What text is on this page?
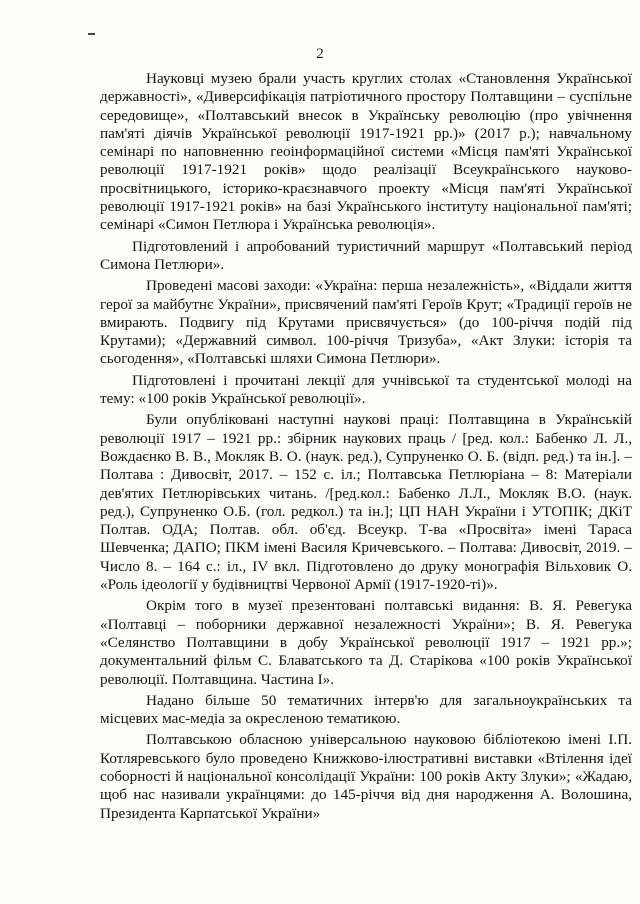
2

Науковці музею брали участь круглих столах «Становлення Української державності», «Диверсифікація патріотичного простору Полтавщини – суспільне середовище», «Полтавський внесок в Українську революцію (про увічнення пам'яті діячів Української революції 1917-1921 рр.)» (2017 р.); навчальному семінарі по наповненню геоінформаційної системи «Місця пам'яті Української революції 1917-1921 років» щодо реалізації Всеукраїнського науково-просвітницького, історико-краєзнавчого проекту «Місця пам'яті Української революції 1917-1921 років» на базі Українського інституту національної пам'яті; семінарі «Симон Петлюра і Українська революція».

Підготовлений і апробований туристичний маршрут «Полтавський період Симона Петлюри».

Проведені масові заходи: «Україна: перша незалежність», «Віддали життя герої за майбутнє України», присвячений пам'яті Героїв Крут; «Традиції героїв не вмирають. Подвигу під Крутами присвячується» (до 100-річчя подій під Крутами); «Державний символ. 100-річчя Тризуба», «Акт Злуки: історія та сьогодення», «Полтавські шляхи Симона Петлюри».

Підготовлені і прочитані лекції для учнівської та студентської молоді на тему: «100 років Української революції».

Були опубліковані наступні наукові праці: Полтавщина в Українській революції 1917 – 1921 рр.: збірник наукових праць / [ред. кол.: Бабенко Л. Л., Вождаєнко В. В., Мокляк В. О. (наук. ред.), Супруненко О. Б. (відп. ред.) та ін.]. – Полтава : Дивосвіт, 2017. – 152 с. іл.; Полтавська Петлюріана – 8: Матеріали дев'ятих Петлюрівських читань. /[ред.кол.: Бабенко Л.Л., Мокляк В.О. (наук. ред.), Супруненко О.Б. (гол. редкол.) та ін.]; ЦП НАН України і УТОПІК; ДКіТ Полтав. ОДА; Полтав. обл. об'єд. Всеукр. Т-ва «Просвіта» імені Тараса Шевченка; ДАПО; ПКМ імені Василя Кричевського. – Полтава: Дивосвіт, 2019. – Число 8. – 164 с.: іл., IV вкл. Підготовлено до друку монографія Вільховик О. «Роль ідеології у будівництві Червоної Армії (1917-1920-ті)».

Окрім того в музеї презентовані полтавські видання: В. Я. Ревегука «Полтавці – поборники державної незалежності України»; В. Я. Ревегука «Селянство Полтавщини в добу Української революції 1917 – 1921 рр.»; документальний фільм С. Блаватського та Д. Старікова «100 років Української революції. Полтавщина. Частина І».

Надано більше 50 тематичних інтерв'ю для загальноукраїнських та місцевих мас-медіа за окресленою тематикою.

Полтавською обласною універсальною науковою бібліотекою імені І.П. Котляревського було проведено Книжково-ілюстративні виставки «Втілення ідеї соборності й національної консолідації України: 100 років Акту Злуки»; «Жадаю, щоб нас називали українцями: до 145-річчя від дня народження А. Волошина, Президента Карпатської України»
